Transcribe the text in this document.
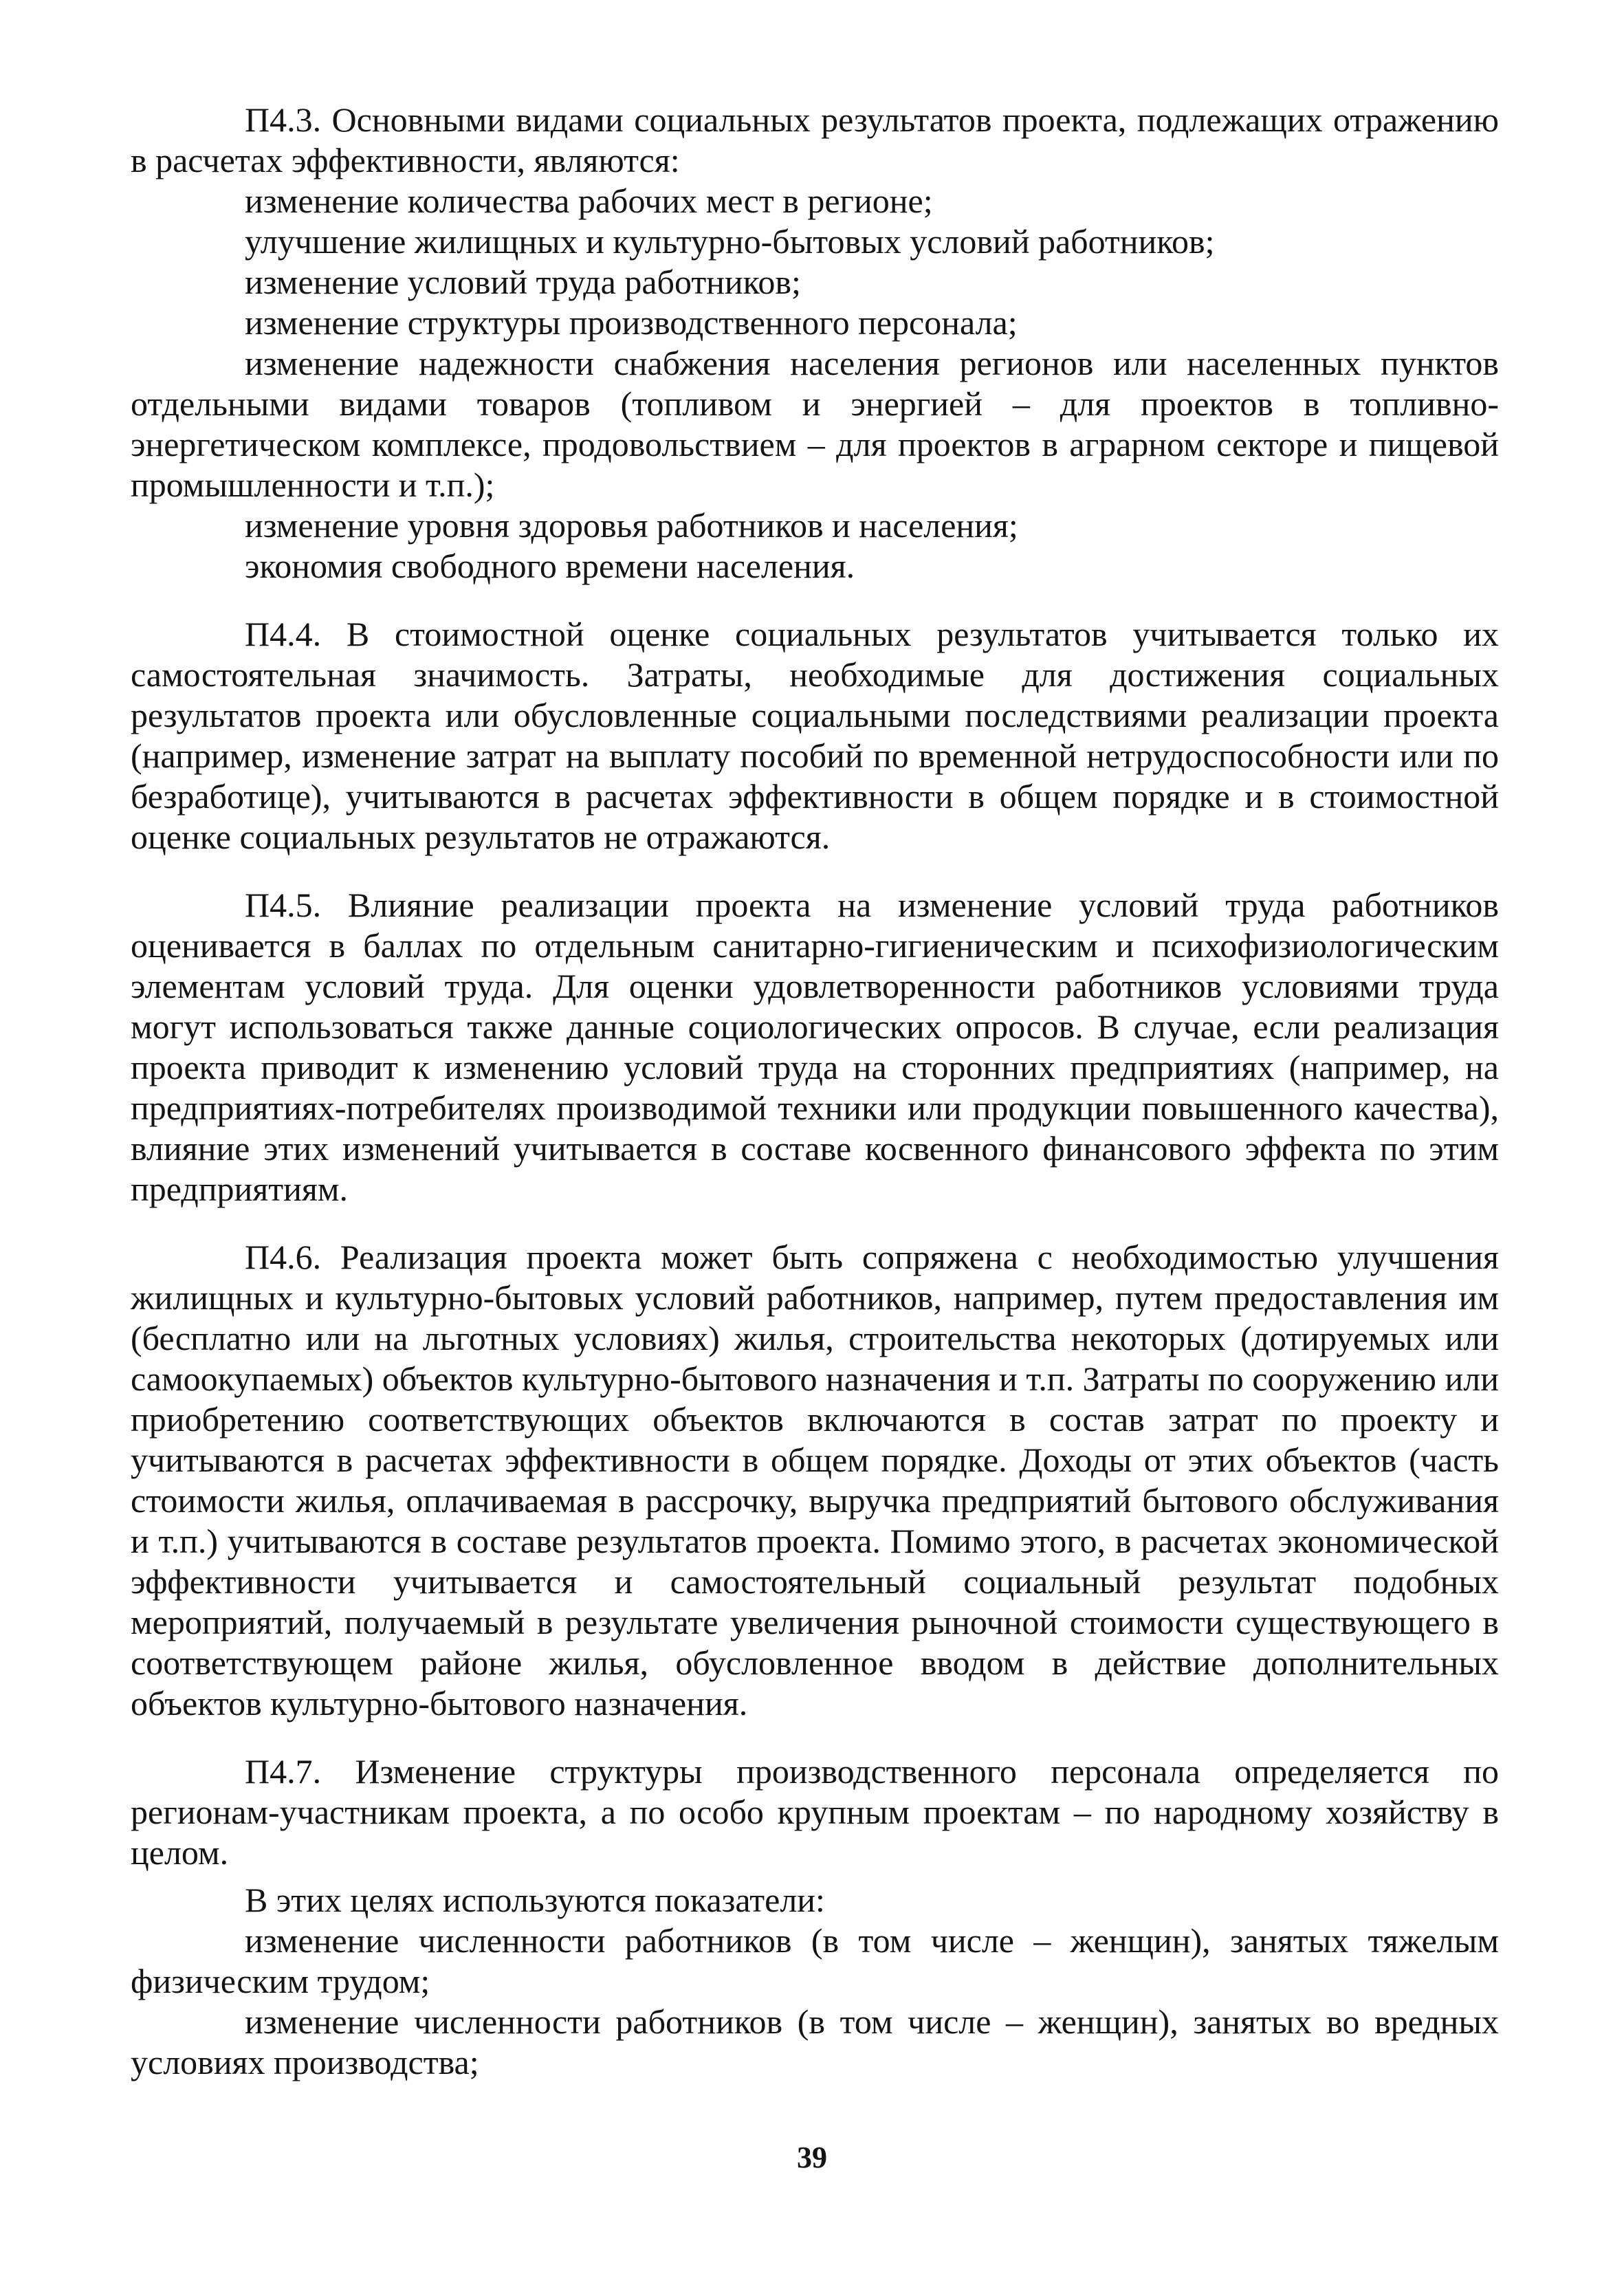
П4.3. Основными видами социальных результатов проекта, подлежащих отражению в расчетах эффективности, являются:

изменение количества рабочих мест в регионе;

улучшение жилищных и культурно-бытовых условий работников;

изменение условий труда работников;

изменение структуры производственного персонала;

изменение надежности снабжения населения регионов или населенных пунктов отдельными видами товаров (топливом и энергией – для проектов в топливно-энергетическом комплексе, продовольствием – для проектов в аграрном секторе и пищевой промышленности и т.п.);

изменение уровня здоровья работников и населения;

экономия свободного времени населения.

П4.4. В стоимостной оценке социальных результатов учитывается только их самостоятельная значимость. Затраты, необходимые для достижения социальных результатов проекта или обусловленные социальными последствиями реализации проекта (например, изменение затрат на выплату пособий по временной нетрудоспособности или по безработице), учитываются в расчетах эффективности в общем порядке и в стоимостной оценке социальных результатов не отражаются.

П4.5. Влияние реализации проекта на изменение условий труда работников оценивается в баллах по отдельным санитарно-гигиеническим и психофизиологическим элементам условий труда. Для оценки удовлетворенности работников условиями труда могут использоваться также данные социологических опросов. В случае, если реализация проекта приводит к изменению условий труда на сторонних предприятиях (например, на предприятиях-потребителях производимой техники или продукции повышенного качества), влияние этих изменений учитывается в составе косвенного финансового эффекта по этим предприятиям.

П4.6. Реализация проекта может быть сопряжена с необходимостью улучшения жилищных и культурно-бытовых условий работников, например, путем предоставления им (бесплатно или на льготных условиях) жилья, строительства некоторых (дотируемых или самоокупаемых) объектов культурно-бытового назначения и т.п. Затраты по сооружению или приобретению соответствующих объектов включаются в состав затрат по проекту и учитываются в расчетах эффективности в общем порядке. Доходы от этих объектов (часть стоимости жилья, оплачиваемая в рассрочку, выручка предприятий бытового обслуживания и т.п.) учитываются в составе результатов проекта. Помимо этого, в расчетах экономической эффективности учитывается и самостоятельный социальный результат подобных мероприятий, получаемый в результате увеличения рыночной стоимости существующего в соответствующем районе жилья, обусловленное вводом в действие дополнительных объектов культурно-бытового назначения.

П4.7. Изменение структуры производственного персонала определяется по регионам-участникам проекта, а по особо крупным проектам – по народному хозяйству в целом.

В этих целях используются показатели:

изменение численности работников (в том числе – женщин), занятых тяжелым физическим трудом;

изменение численности работников (в том числе – женщин), занятых во вредных условиях производства;

39
